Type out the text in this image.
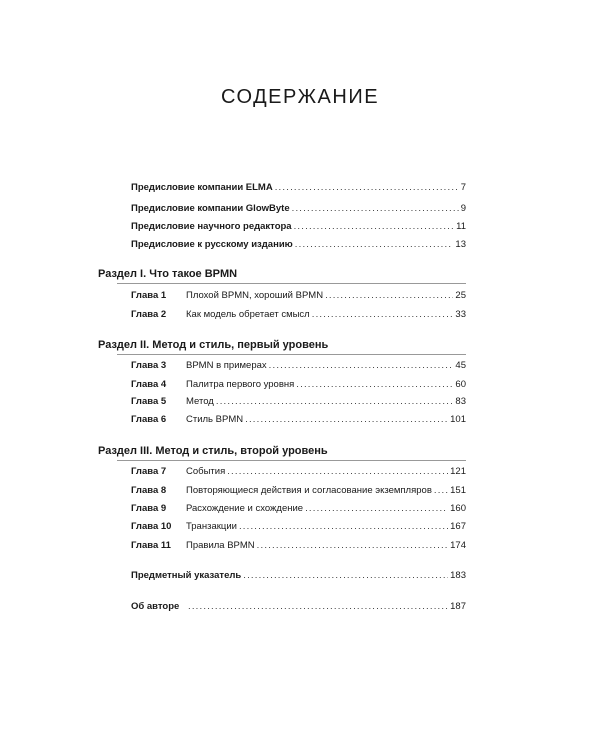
СОДЕРЖАНИЕ
Предисловие компании ELMA .....	7
Предисловие компании GlowByte .....	9
Предисловие научного редактора .....	11
Предисловие к русскому изданию .....	13
Раздел I. Что такое BPMN
Глава 1	Плохой BPMN, хороший BPMN .....	25
Глава 2	Как модель обретает смысл .....	33
Раздел II. Метод и стиль, первый уровень
Глава 3	BPMN в примерах .....	45
Глава 4	Палитра первого уровня .....	60
Глава 5	Метод .....	83
Глава 6	Стиль BPMN .....	101
Раздел III. Метод и стиль, второй уровень
Глава 7	События .....	121
Глава 8	Повторяющиеся действия и согласование экземпляров ..... 151
Глава 9	Расхождение и схождение .....	160
Глава 10	Транзакции .....	167
Глава 11	Правила BPMN .....	174
Предметный указатель .....	183
Об авторе .....	187
